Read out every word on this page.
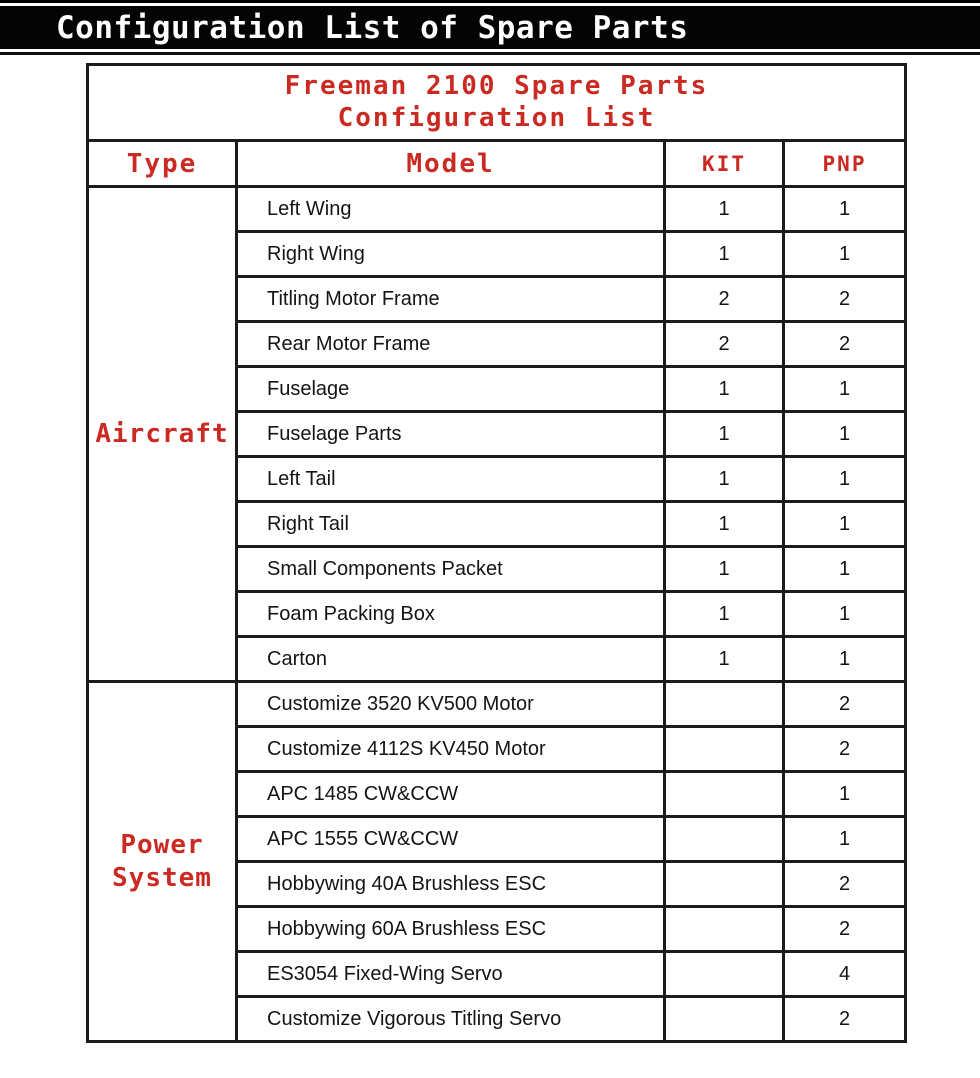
Configuration List of Spare Parts
Freeman 2100 Spare Parts
Configuration List			

Type	Model	KIT	PNP
Aircraft	Left Wing	1	1
	Right Wing	1	1
	Titling Motor Frame	2	2
	Rear Motor Frame	2	2
	Fuselage	1	1
	Fuselage Parts	1	1
	Left Tail	1	1
	Right Tail	1	1
	Small Components Packet	1	1
	Foam Packing Box	1	1
	Carton	1	1
Power System	Customize 3520 KV500 Motor		2
	Customize 4112S KV450 Motor		2
	APC 1485 CW&CCW		1
	APC 1555 CW&CCW		1
	Hobbywing 40A Brushless ESC		2
	Hobbywing 60A Brushless ESC		2
	ES3054 Fixed-Wing Servo		4
	Customize Vigorous Titling Servo		2
